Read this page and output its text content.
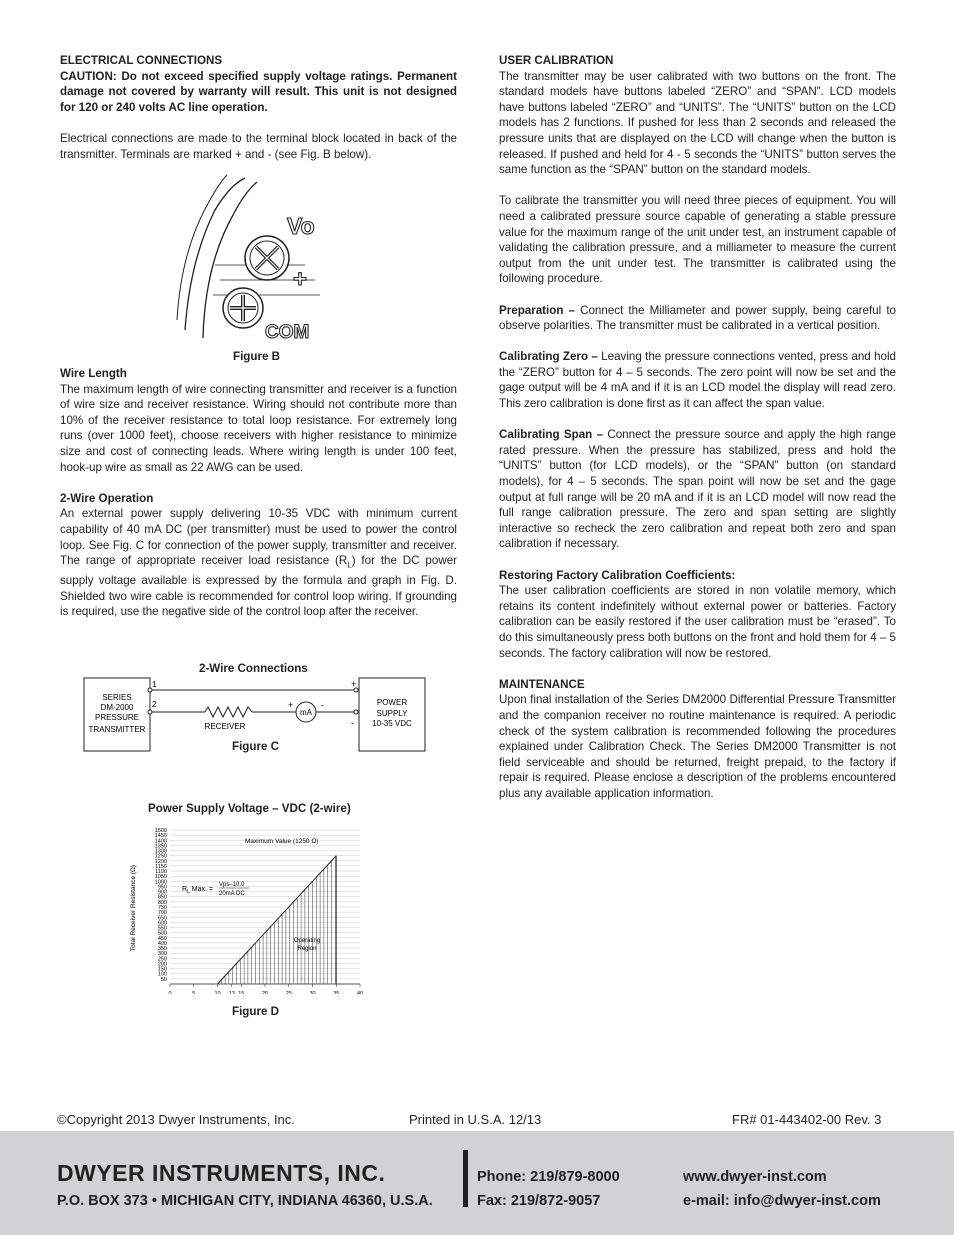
ELECTRICAL CONNECTIONS

CAUTION: Do not exceed specified supply voltage ratings. Permanent damage not covered by warranty will result. This unit is not designed for 120 or 240 volts AC line operation.

Electrical connections are made to the terminal block located in back of the transmitter. Terminals are marked + and - (see Fig. B below).

Vo
+
COM
Figure B
Wire Length

The maximum length of wire connecting transmitter and receiver is a function of wire size and receiver resistance. Wiring should not contribute more than 10% of the receiver resistance to total loop resistance. For extremely long runs (over 1000 feet), choose receivers with higher resistance to minimize size and cost of connecting leads. Where wiring length is under 100 feet, hook-up wire as small as 22 AWG can be used.

2-Wire Operation

An external power supply delivering 10-35 VDC with minimum current capability of 40 mA DC (per transmitter) must be used to power the control loop. See Fig. C for connection of the power supply, transmitter and receiver. The range of appropriate receiver load resistance $(R_L)$ for the DC power supply voltage available is expressed by the formula and graph in Fig. D. Shielded two wire cable is recommended for control loop wiring. If grounding is required, use the negative side of the control loop after the receiver.

2-Wire Connections
SERIES
DM-2000
PRESSURE
TRANSMITTER
1
2
RECEIVER
+
mA
-
+
-
POWER
SUPPLY
10-35 VDC
Figure C
Power Supply Voltage – VDC (2-wire)
50
100
150
200
250
300
350
400
450
500
550
600
650
700
750
800
850
900
950
1000
1050
1100
1150
1200
1250
1300
1350
1400
1450
1500
0	5	10 13 15	20	25	30	35	40
Total Receiver Resistance (Ω)
Maximum Value (1250 Ω)
Operating
Region
$R_L$ Max. =
Vps–10.0
20mA DC
Figure D
USER CALIBRATION

The transmitter may be user calibrated with two buttons on the front. The standard models have buttons labeled “ZERO” and “SPAN”. LCD models have buttons labeled “ZERO” and “UNITS”. The “UNITS” button on the LCD models has 2 functions. If pushed for less than 2 seconds and released the pressure units that are displayed on the LCD will change when the button is released. If pushed and held for 4 - 5 seconds the “UNITS” button serves the same function as the “SPAN” button on the standard models.

To calibrate the transmitter you will need three pieces of equipment. You will need a calibrated pressure source capable of generating a stable pressure value for the maximum range of the unit under test, an instrument capable of validating the calibration pressure, and a milliameter to measure the current output from the unit under test. The transmitter is calibrated using the following procedure.

Preparation – Connect the Milliameter and power supply, being careful to observe polarities. The transmitter must be calibrated in a vertical position.

Calibrating Zero – Leaving the pressure connections vented, press and hold the “ZERO” button for 4 – 5 seconds. The zero point will now be set and the gage output will be 4 mA and if it is an LCD model the display will read zero. This zero calibration is done first as it can affect the span value.

Calibrating Span – Connect the pressure source and apply the high range rated pressure. When the pressure has stabilized, press and hold the “UNITS” button (for LCD models), or the “SPAN” button (on standard models), for 4 – 5 seconds. The span point will now be set and the gage output at full range will be 20 mA and if it is an LCD model will now read the full range calibration pressure. The zero and span setting are slightly interactive so recheck the zero calibration and repeat both zero and span calibration if necessary.

Restoring Factory Calibration Coefficients:

The user calibration coefficients are stored in non volatile memory, which retains its content indefinitely without external power or batteries. Factory calibration can be easily restored if the user calibration must be “erased”. To do this simultaneously press both buttons on the front and hold them for 4 – 5 seconds. The factory calibration will now be restored.

MAINTENANCE

Upon final installation of the Series DM2000 Differential Pressure Transmitter and the companion receiver no routine maintenance is required. A periodic check of the system calibration is recommended following the procedures explained under Calibration Check. The Series DM2000 Transmitter is not field serviceable and should be returned, freight prepaid, to the factory if repair is required. Please enclose a description of the problems encountered plus any available application information.

©Copyright 2013 Dwyer Instruments, Inc.	Printed in U.S.A. 12/13	FR# 01-443402-00 Rev. 3
DWYER INSTRUMENTS, INC.
P.O. BOX 373 • MICHIGAN CITY, INDIANA 46360, U.S.A.
Phone: 219/879-8000
Fax: 219/872-9057
www.dwyer-inst.com
e-mail: info@dwyer-inst.com
